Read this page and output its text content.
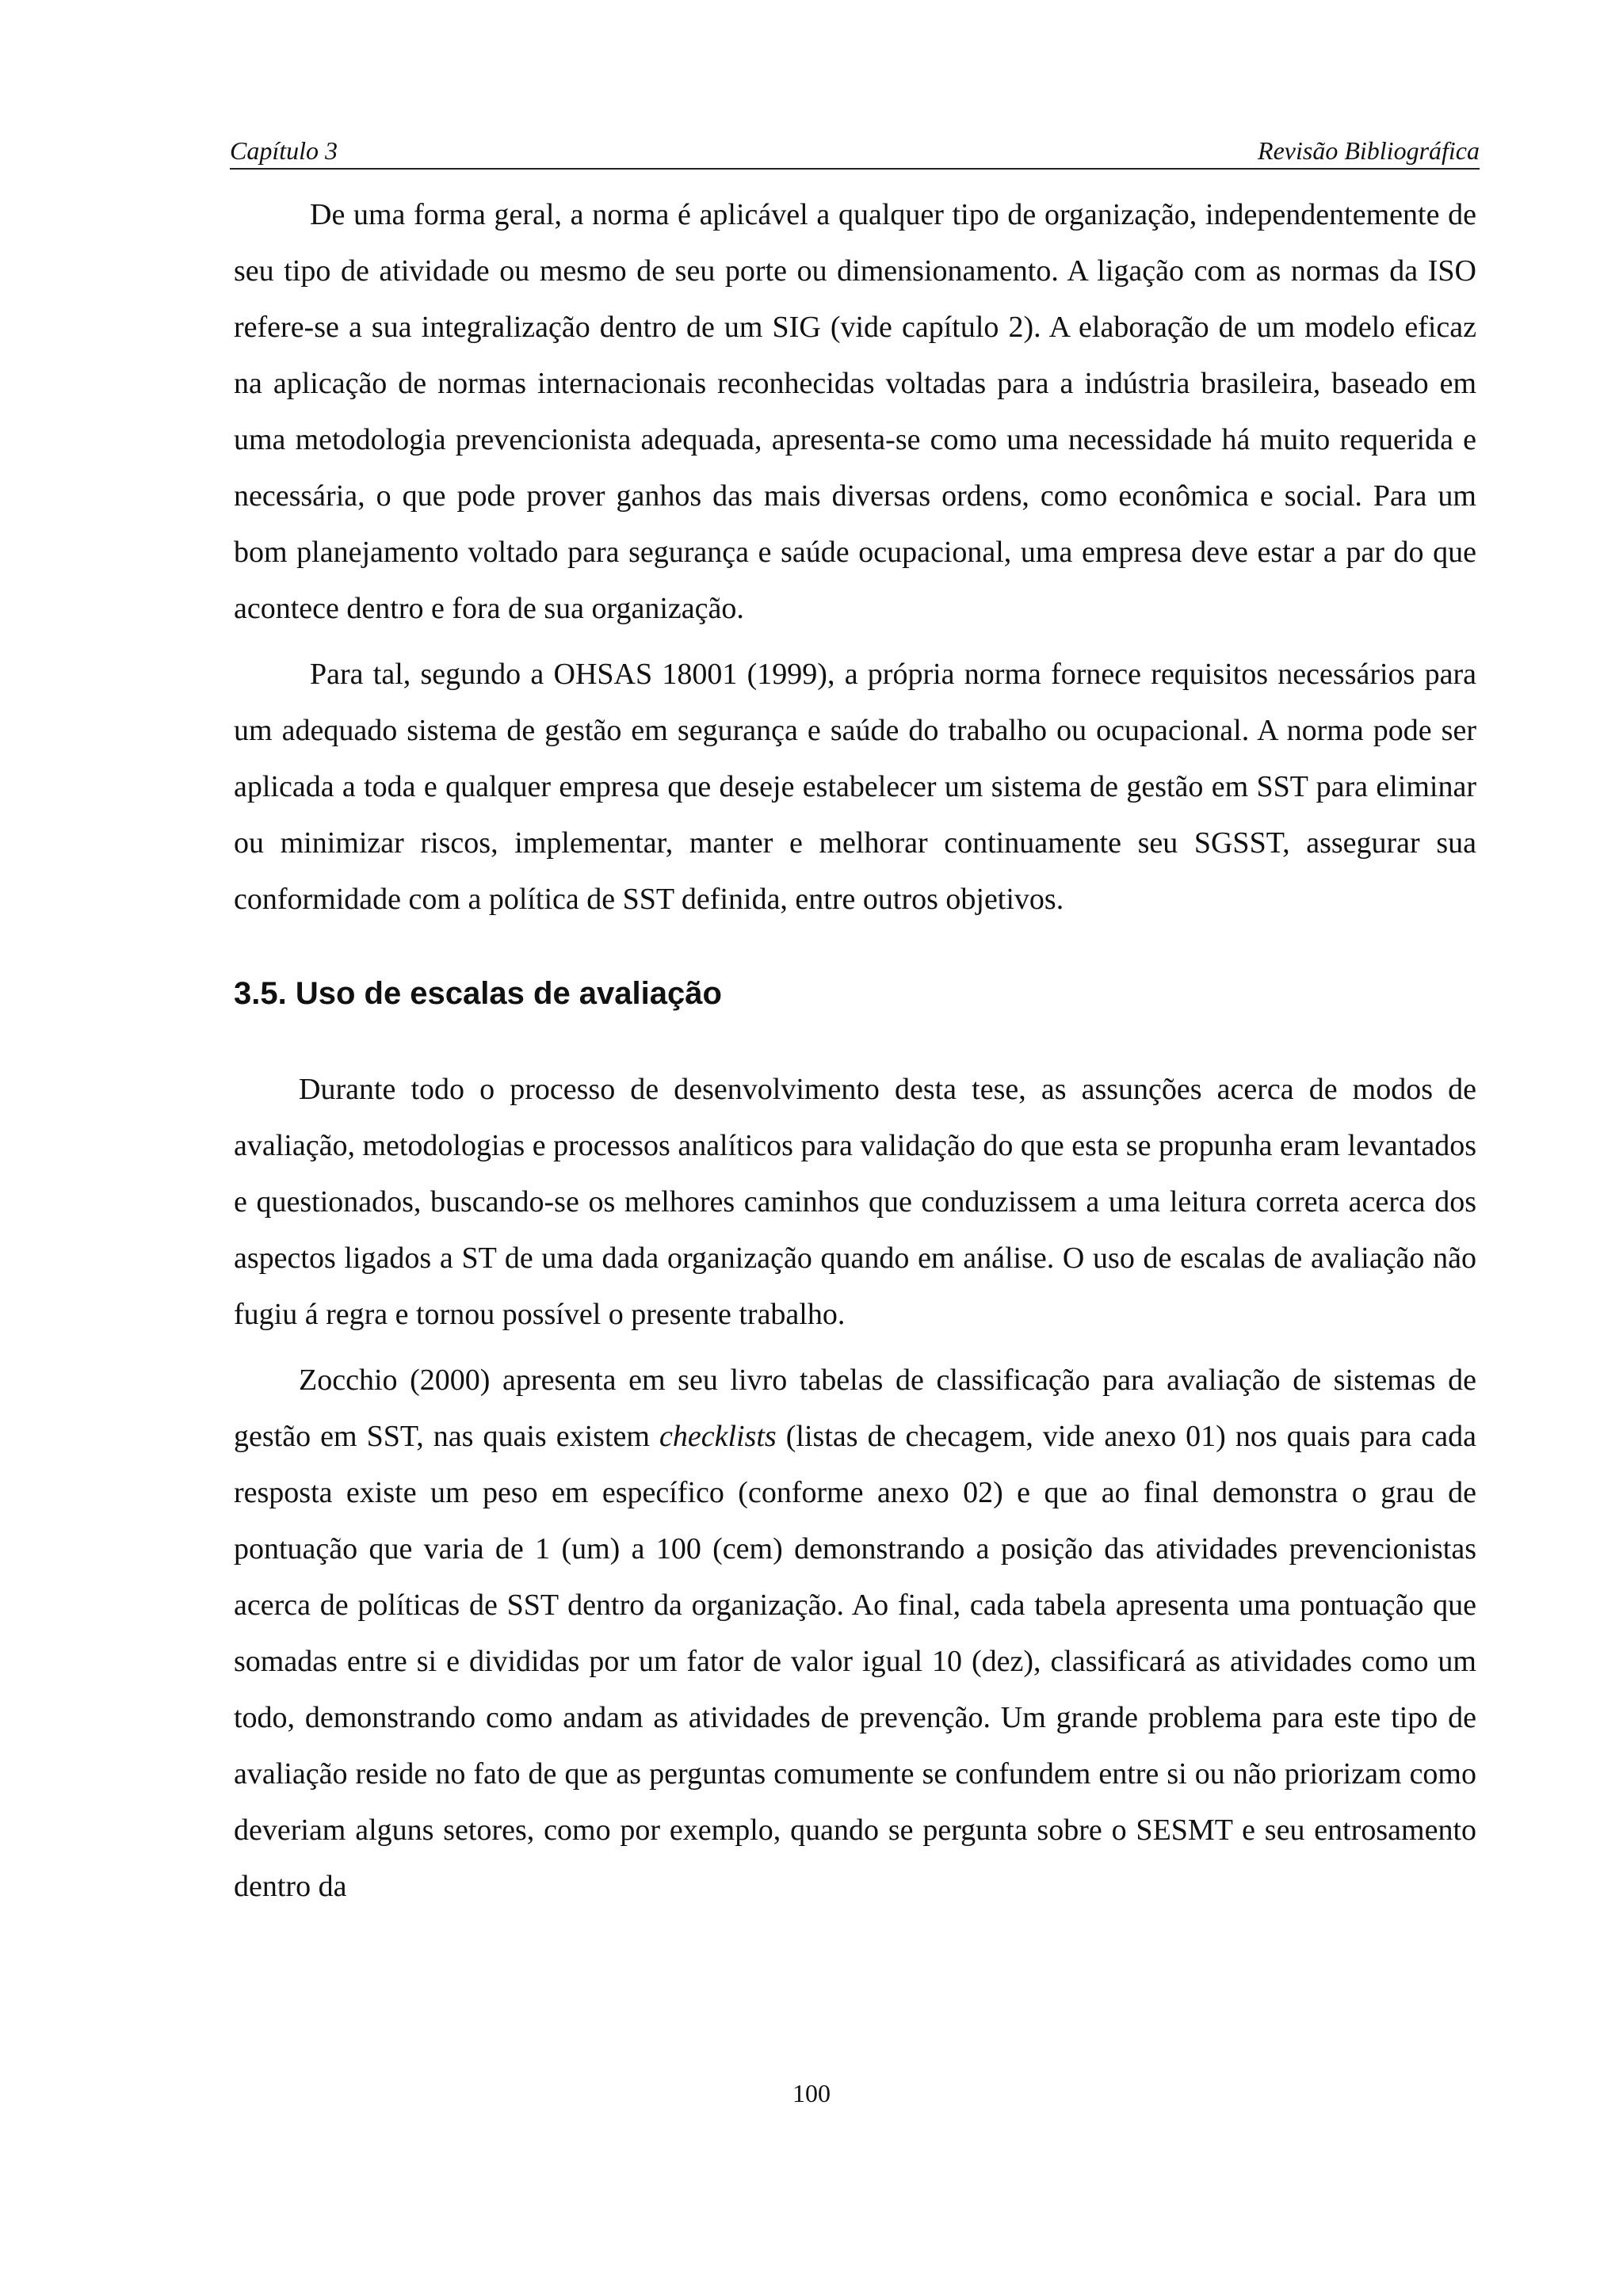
Capítulo 3	Revisão Bibliográfica

De uma forma geral, a norma é aplicável a qualquer tipo de organização, independentemente de seu tipo de atividade ou mesmo de seu porte ou dimensionamento. A ligação com as normas da ISO refere-se a sua integralização dentro de um SIG (vide capítulo 2). A elaboração de um modelo eficaz na aplicação de normas internacionais reconhecidas voltadas para a indústria brasileira, baseado em uma metodologia prevencionista adequada, apresenta-se como uma necessidade há muito requerida e necessária, o que pode prover ganhos das mais diversas ordens, como econômica e social. Para um bom planejamento voltado para segurança e saúde ocupacional, uma empresa deve estar a par do que acontece dentro e fora de sua organização.

Para tal, segundo a OHSAS 18001 (1999), a própria norma fornece requisitos necessários para um adequado sistema de gestão em segurança e saúde do trabalho ou ocupacional. A norma pode ser aplicada a toda e qualquer empresa que deseje estabelecer um sistema de gestão em SST para eliminar ou minimizar riscos, implementar, manter e melhorar continuamente seu SGSST, assegurar sua conformidade com a política de SST definida, entre outros objetivos.

3.5. Uso de escalas de avaliação

Durante todo o processo de desenvolvimento desta tese, as assunções acerca de modos de avaliação, metodologias e processos analíticos para validação do que esta se propunha eram levantados e questionados, buscando-se os melhores caminhos que conduzissem a uma leitura correta acerca dos aspectos ligados a ST de uma dada organização quando em análise. O uso de escalas de avaliação não fugiu á regra e tornou possível o presente trabalho.

Zocchio (2000) apresenta em seu livro tabelas de classificação para avaliação de sistemas de gestão em SST, nas quais existem checklists (listas de checagem, vide anexo 01) nos quais para cada resposta existe um peso em específico (conforme anexo 02) e que ao final demonstra o grau de pontuação que varia de 1 (um) a 100 (cem) demonstrando a posição das atividades prevencionistas acerca de políticas de SST dentro da organização. Ao final, cada tabela apresenta uma pontuação que somadas entre si e divididas por um fator de valor igual 10 (dez), classificará as atividades como um todo, demonstrando como andam as atividades de prevenção. Um grande problema para este tipo de avaliação reside no fato de que as perguntas comumente se confundem entre si ou não priorizam como deveriam alguns setores, como por exemplo, quando se pergunta sobre o SESMT e seu entrosamento dentro da

100
